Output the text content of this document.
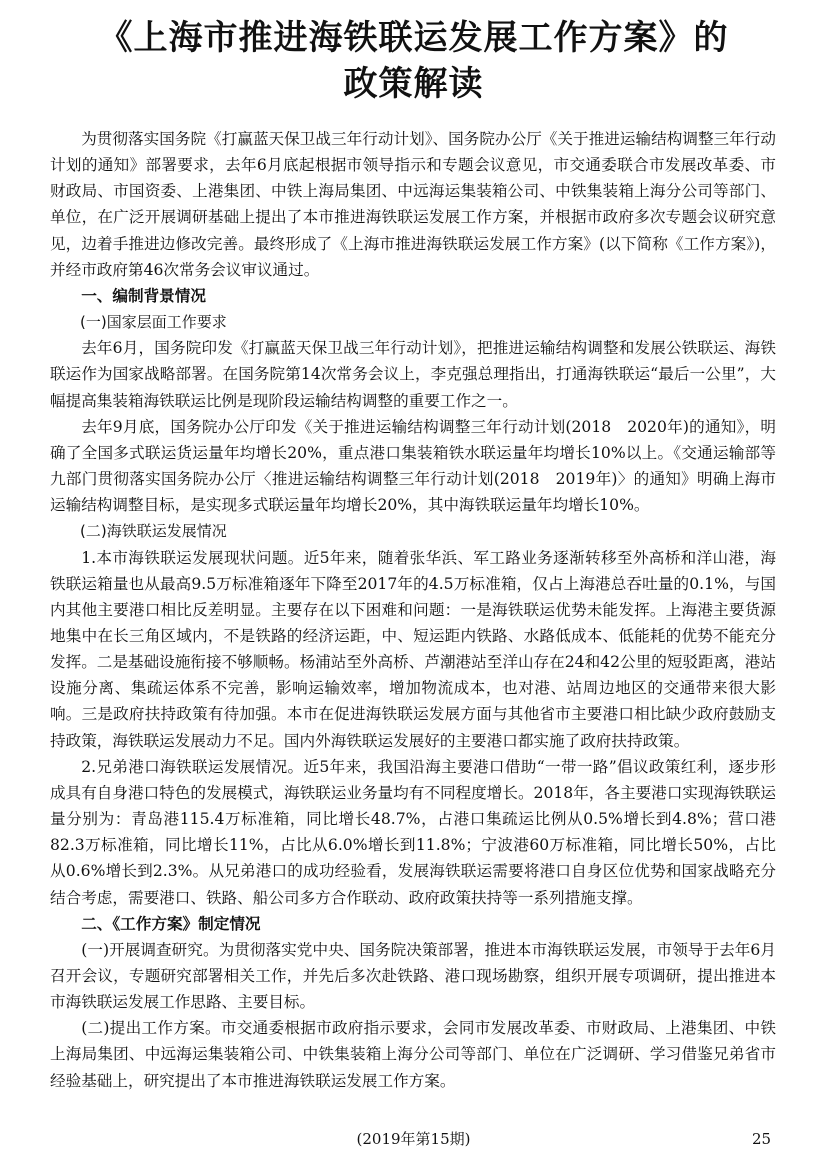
《上海市推进海铁联运发展工作方案》的
政策解读

为贯彻落实国务院《打赢蓝天保卫战三年行动计划》、国务院办公厅《关于推进运输结构调整三年行动计划的通知》部署要求，去年6月底起根据市领导指示和专题会议意见，市交通委联合市发展改革委、市财政局、市国资委、上港集团、中铁上海局集团、中远海运集装箱公司、中铁集装箱上海分公司等部门、单位，在广泛开展调研基础上提出了本市推进海铁联运发展工作方案，并根据市政府多次专题会议研究意见，边着手推进边修改完善。最终形成了《上海市推进海铁联运发展工作方案》(以下简称《工作方案》)，并经市政府第46次常务会议审议通过。

一、编制背景情况

(一)国家层面工作要求

去年6月，国务院印发《打赢蓝天保卫战三年行动计划》，把推进运输结构调整和发展公铁联运、海铁联运作为国家战略部署。在国务院第14次常务会议上，李克强总理指出，打通海铁联运“最后一公里”，大幅提高集装箱海铁联运比例是现阶段运输结构调整的重要工作之一。

去年9月底，国务院办公厅印发《关于推进运输结构调整三年行动计划(2018　2020年)的通知》，明确了全国多式联运货运量年均增长20%，重点港口集装箱铁水联运量年均增长10%以上。《交通运输部等九部门贯彻落实国务院办公厅〈推进运输结构调整三年行动计划(2018　2019年)〉的通知》明确上海市运输结构调整目标，是实现多式联运量年均增长20%，其中海铁联运量年均增长10%。

(二)海铁联运发展情况

1.本市海铁联运发展现状问题。近5年来，随着张华浜、军工路业务逐渐转移至外高桥和洋山港，海铁联运箱量也从最高9.5万标准箱逐年下降至2017年的4.5万标准箱，仅占上海港总吞吐量的0.1%，与国内其他主要港口相比反差明显。主要存在以下困难和问题：一是海铁联运优势未能发挥。上海港主要货源地集中在长三角区域内，不是铁路的经济运距，中、短运距内铁路、水路低成本、低能耗的优势不能充分发挥。二是基础设施衔接不够顺畅。杨浦站至外高桥、芦潮港站至洋山存在24和42公里的短驳距离，港站设施分离、集疏运体系不完善，影响运输效率，增加物流成本，也对港、站周边地区的交通带来很大影响。三是政府扶持政策有待加强。本市在促进海铁联运发展方面与其他省市主要港口相比缺少政府鼓励支持政策，海铁联运发展动力不足。国内外海铁联运发展好的主要港口都实施了政府扶持政策。

2.兄弟港口海铁联运发展情况。近5年来，我国沿海主要港口借助“一带一路”倡议政策红利，逐步形成具有自身港口特色的发展模式，海铁联运业务量均有不同程度增长。2018年，各主要港口实现海铁联运量分别为：青岛港115.4万标准箱，同比增长48.7%，占港口集疏运比例从0.5%增长到4.8%；营口港82.3万标准箱，同比增长11%，占比从6.0%增长到11.8%；宁波港60万标准箱，同比增长50%，占比从0.6%增长到2.3%。从兄弟港口的成功经验看，发展海铁联运需要将港口自身区位优势和国家战略充分结合考虑，需要港口、铁路、船公司多方合作联动、政府政策扶持等一系列措施支撑。

二、《工作方案》制定情况

(一)开展调查研究。为贯彻落实党中央、国务院决策部署，推进本市海铁联运发展，市领导于去年6月召开会议，专题研究部署相关工作，并先后多次赴铁路、港口现场勘察，组织开展专项调研，提出推进本市海铁联运发展工作思路、主要目标。

(二)提出工作方案。市交通委根据市政府指示要求，会同市发展改革委、市财政局、上港集团、中铁上海局集团、中远海运集装箱公司、中铁集装箱上海分公司等部门、单位在广泛调研、学习借鉴兄弟省市经验基础上，研究提出了本市推进海铁联运发展工作方案。

(2019年第15期)	25
